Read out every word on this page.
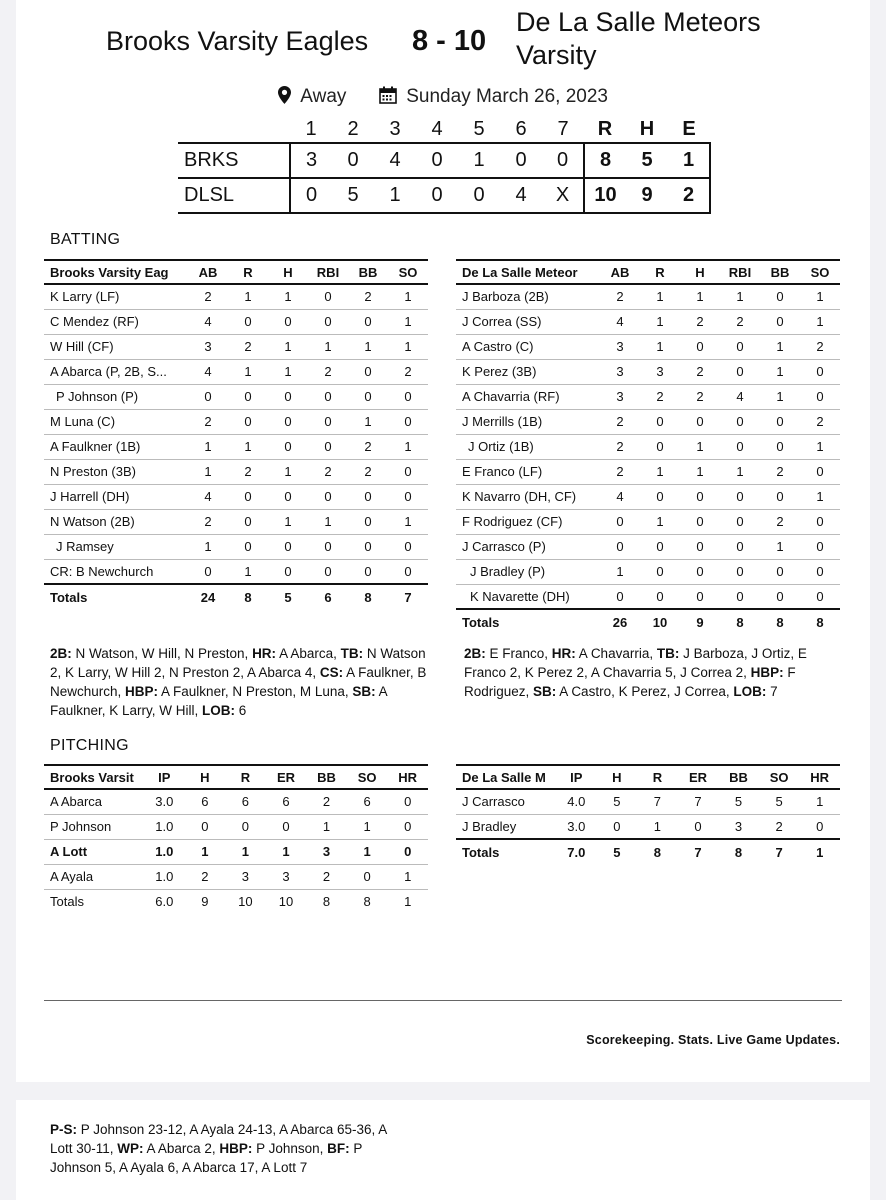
Brooks Varsity Eagles 8 - 10
De La Salle Meteors Varsity
Away	Sunday March 26, 2023
	1	2	3	4	5	6	7	R	H	E
BRKS	3	0	4	0	1	0	0	8	5	1
DLSL	0	5	1	0	0	4	X	10	9	2
BATTING
Brooks Varsity Eag	AB	R	H	RBI	BB	SO
K Larry (LF)	2	1	1	0	2	1
C Mendez (RF)	4	0	0	0	0	1
W Hill (CF)	3	2	1	1	1	1
A Abarca (P, 2B, S...	4	1	1	2	0	2
P Johnson (P)	0	0	0	0	0	0
M Luna (C)	2	0	0	0	1	0
A Faulkner (1B)	1	1	0	0	2	1
N Preston (3B)	1	2	1	2	2	0
J Harrell (DH)	4	0	0	0	0	0
N Watson (2B)	2	0	1	1	0	1
J Ramsey	1	0	0	0	0	0
CR: B Newchurch	0	1	0	0	0	0
Totals	24	8	5	6	8	7
De La Salle Meteor	AB	R	H	RBI	BB	SO
J Barboza (2B)	2	1	1	1	0	1
J Correa (SS)	4	1	2	2	0	1
A Castro (C)	3	1	0	0	1	2
K Perez (3B)	3	3	2	0	1	0
A Chavarria (RF)	3	2	2	4	1	0
J Merrills (1B)	2	0	0	0	0	2
J Ortiz (1B)	2	0	1	0	0	1
E Franco (LF)	2	1	1	1	2	0
K Navarro (DH, CF)	4	0	0	0	0	1
F Rodriguez (CF)	0	1	0	0	2	0
J Carrasco (P)	0	0	0	0	1	0
J Bradley (P)	1	0	0	0	0	0
K Navarette (DH)	0	0	0	0	0	0
Totals	26	10	9	8	8	8
2B: N Watson, W Hill, N Preston, HR: A Abarca, TB: N Watson 2, K Larry, W Hill 2, N Preston 2, A Abarca 4, CS: A Faulkner, B Newchurch, HBP: A Faulkner, N Preston, M Luna, SB: A Faulkner, K Larry, W Hill, LOB: 6
2B: E Franco, HR: A Chavarria, TB: J Barboza, J Ortiz, E Franco 2, K Perez 2, A Chavarria 5, J Correa 2, HBP: F Rodriguez, SB: A Castro, K Perez, J Correa, LOB: 7
PITCHING
Brooks Varsit	IP	H	R	ER	BB	SO	HR
A Abarca	3.0	6	6	6	2	6	0
P Johnson	1.0	0	0	0	1	1	0
A Lott	1.0	1	1	1	3	1	0
A Ayala	1.0	2	3	3	2	0	1
Totals	6.0	9	10	10	8	8	1
De La Salle M	IP	H	R	ER	BB	SO	HR
J Carrasco	4.0	5	7	7	5	5	1
J Bradley	3.0	0	1	0	3	2	0
Totals	7.0	5	8	7	8	7	1
Scorekeeping. Stats. Live Game Updates.
P-S: P Johnson 23-12, A Ayala 24-13, A Abarca 65-36, A Lott 30-11, WP: A Abarca 2, HBP: P Johnson, BF: P Johnson 5, A Ayala 6, A Abarca 17, A Lott 7
